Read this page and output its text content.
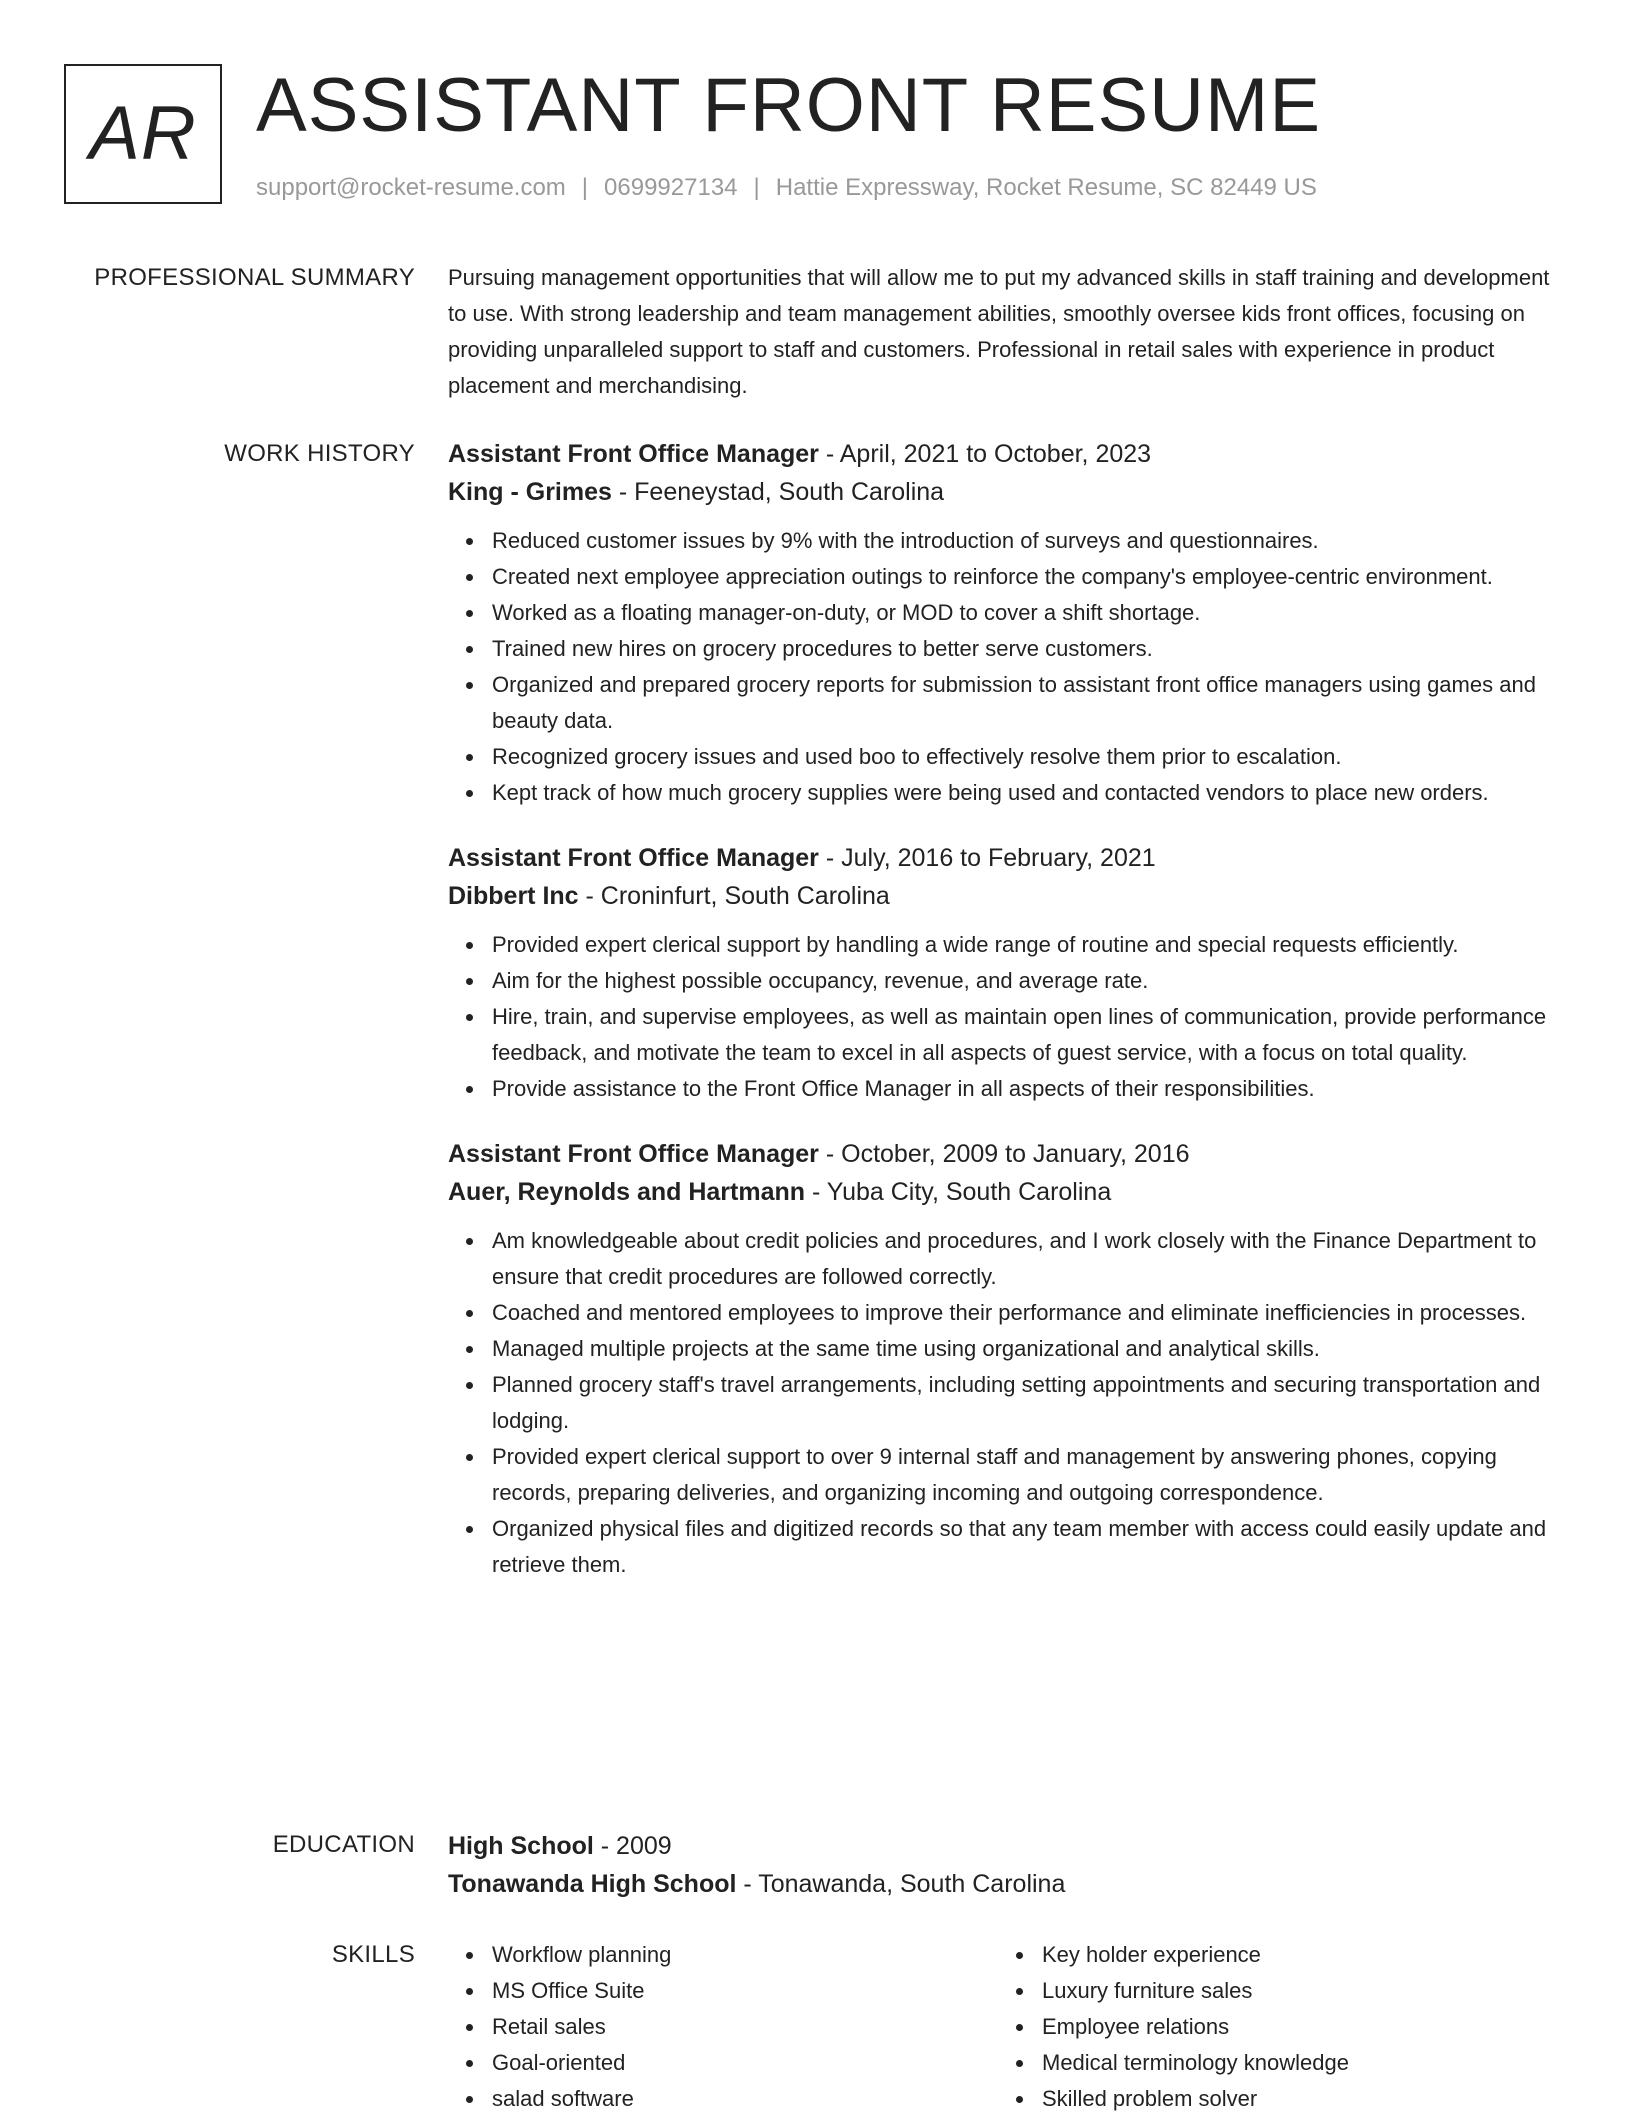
AR ASSISTANT FRONT RESUME
support@rocket-resume.com | 0699927134 | Hattie Expressway, Rocket Resume, SC 82449 US
PROFESSIONAL SUMMARY Pursuing management opportunities that will allow me to put my advanced skills in staff training and development to use. With strong leadership and team management abilities, smoothly oversee kids front offices, focusing on providing unparalleled support to staff and customers. Professional in retail sales with experience in product placement and merchandising.

WORK HISTORY Assistant Front Office Manager - April, 2021 to October, 2023
King - Grimes - Feeneystad, South Carolina
Reduced customer issues by 9% with the introduction of surveys and questionnaires.
Created next employee appreciation outings to reinforce the company's employee-centric environment.
Worked as a floating manager-on-duty, or MOD to cover a shift shortage.
Trained new hires on grocery procedures to better serve customers.
Organized and prepared grocery reports for submission to assistant front office managers using games and beauty data.
Recognized grocery issues and used boo to effectively resolve them prior to escalation.
Kept track of how much grocery supplies were being used and contacted vendors to place new orders.
Assistant Front Office Manager - July, 2016 to February, 2021
Dibbert Inc - Croninfurt, South Carolina
Provided expert clerical support by handling a wide range of routine and special requests efficiently.
Aim for the highest possible occupancy, revenue, and average rate.
Hire, train, and supervise employees, as well as maintain open lines of communication, provide performance feedback, and motivate the team to excel in all aspects of guest service, with a focus on total quality.
Provide assistance to the Front Office Manager in all aspects of their responsibilities.
Assistant Front Office Manager - October, 2009 to January, 2016
Auer, Reynolds and Hartmann - Yuba City, South Carolina
Am knowledgeable about credit policies and procedures, and I work closely with the Finance Department to ensure that credit procedures are followed correctly.
Coached and mentored employees to improve their performance and eliminate inefficiencies in processes.
Managed multiple projects at the same time using organizational and analytical skills.
Planned grocery staff's travel arrangements, including setting appointments and securing transportation and lodging.
Provided expert clerical support to over 9 internal staff and management by answering phones, copying records, preparing deliveries, and organizing incoming and outgoing correspondence.
Organized physical files and digitized records so that any team member with access could easily update and retrieve them.
EDUCATION High School - 2009
Tonawanda High School - Tonawanda, South Carolina
SKILLS	Workflow planning
MS Office Suite
Retail sales
Goal-oriented
salad software
Key holder experience
Luxury furniture sales
Employee relations
Medical terminology knowledge
Skilled problem solver
